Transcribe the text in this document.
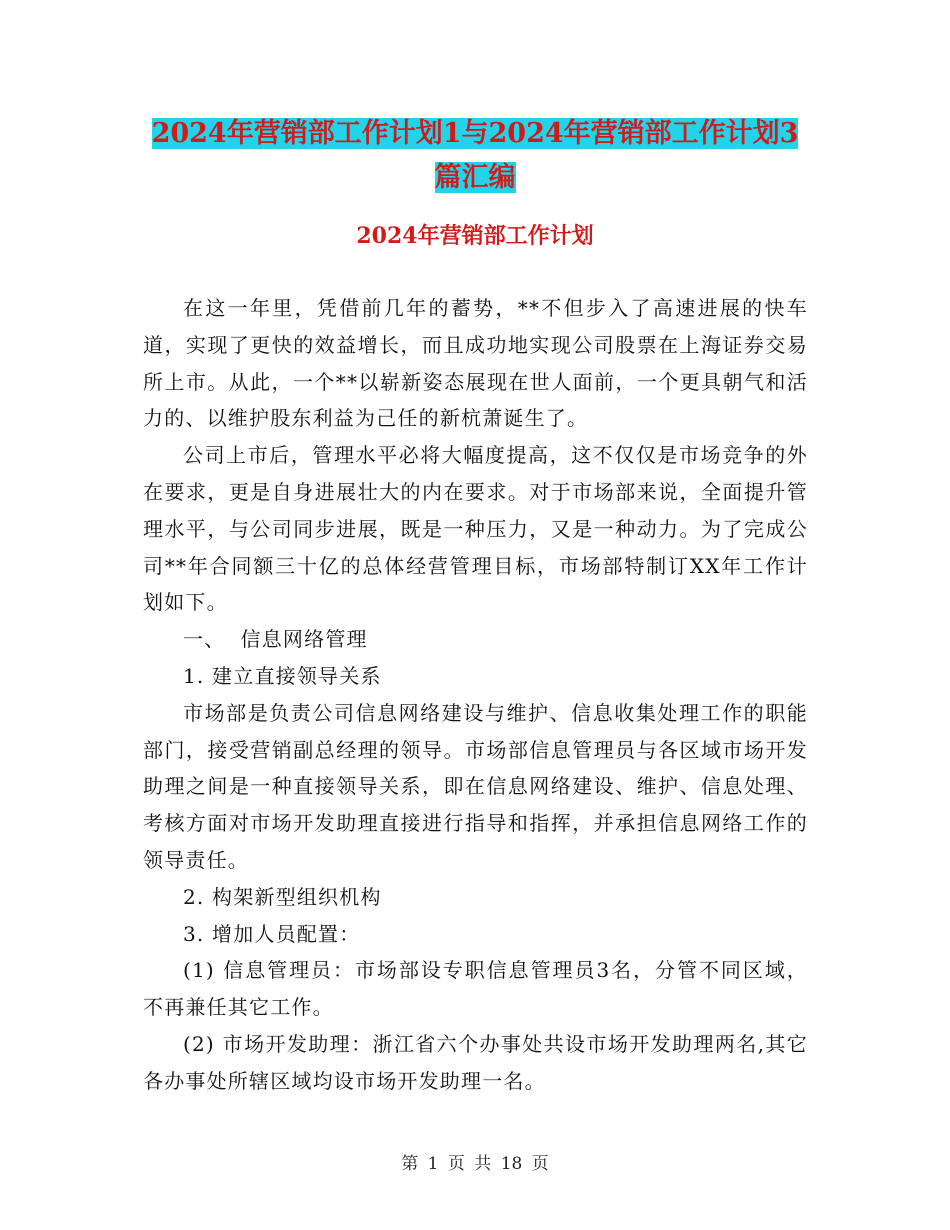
2024年营销部工作计划1与2024年营销部工作计划3
篇汇编
2024年营销部工作计划

在这一年里，凭借前几年的蓄势，**不但步入了高速进展的快车道，实现了更快的效益增长，而且成功地实现公司股票在上海证券交易所上市。从此，一个**以崭新姿态展现在世人面前，一个更具朝气和活力的、以维护股东利益为己任的新杭萧诞生了。

公司上市后，管理水平必将大幅度提高，这不仅仅是市场竞争的外在要求，更是自身进展壮大的内在要求。对于市场部来说，全面提升管理水平，与公司同步进展，既是一种压力，又是一种动力。为了完成公司**年合同额三十亿的总体经营管理目标，市场部特制订XX年工作计划如下。

一、  信息网络管理

1. 建立直接领导关系

市场部是负责公司信息网络建设与维护、信息收集处理工作的职能部门，接受营销副总经理的领导。市场部信息管理员与各区域市场开发助理之间是一种直接领导关系，即在信息网络建设、维护、信息处理、考核方面对市场开发助理直接进行指导和指挥，并承担信息网络工作的领导责任。

2. 构架新型组织机构

3. 增加人员配置：

(1) 信息管理员：市场部设专职信息管理员3名，分管不同区域，不再兼任其它工作。

(2) 市场开发助理：浙江省六个办事处共设市场开发助理两名,其它各办事处所辖区域均设市场开发助理一名。

第 1 页 共 18 页
